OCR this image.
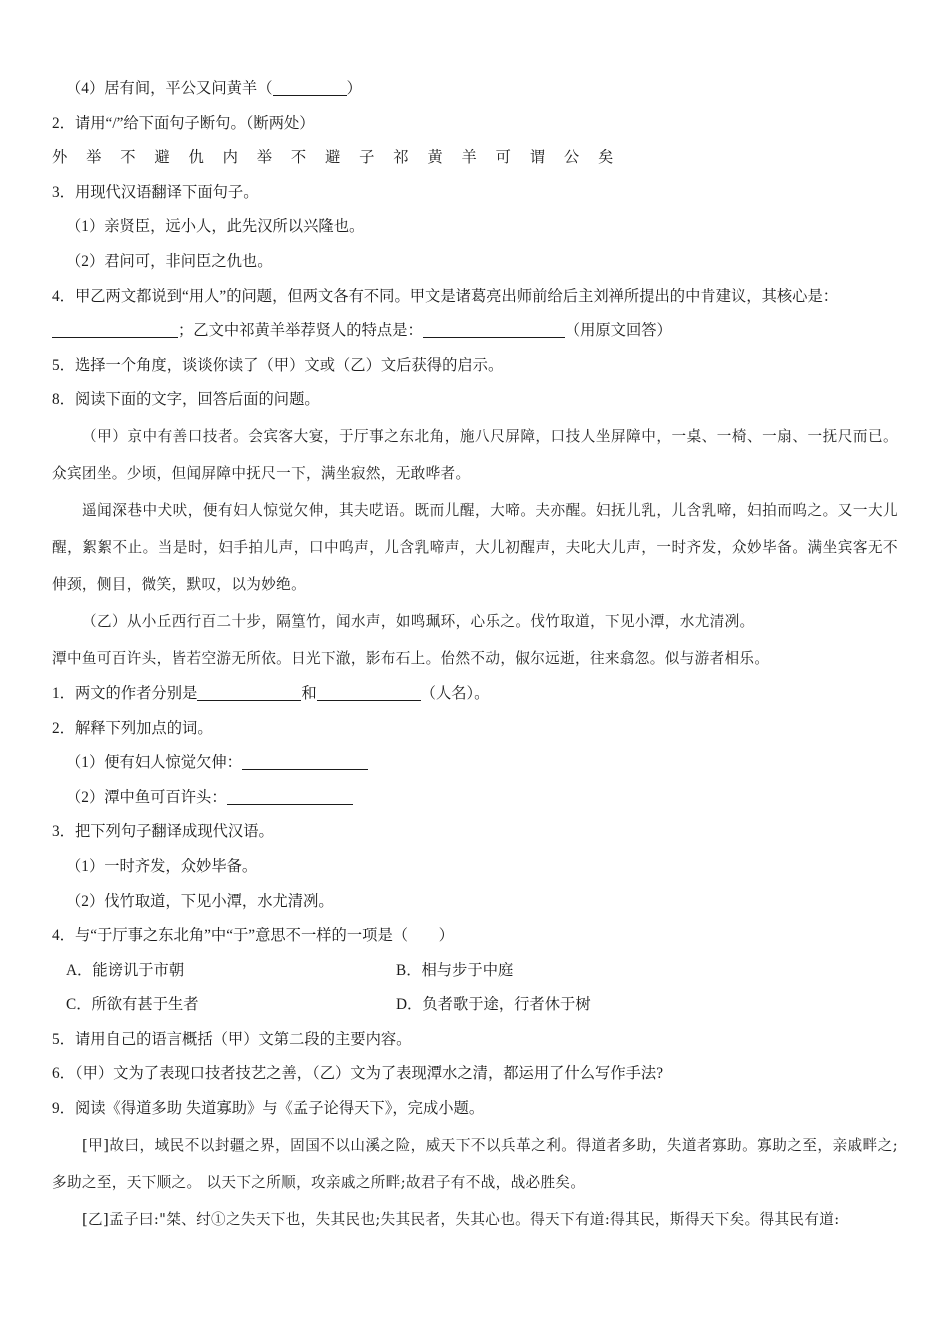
（4）居有间，平公又问黄羊（	）
2．请用“/”给下面句子断句。（断两处）
外 举 不 避 仇 内 举 不 避 子 祁 黄 羊 可 谓 公 矣
3．用现代汉语翻译下面句子。
（1）亲贤臣，远小人，此先汉所以兴隆也。
（2）君问可，非问臣之仇也。
4．甲乙两文都说到“用人”的问题，但两文各有不同。甲文是诸葛亮出师前给后主刘禅所提出的中肯建议，其核心是：
；乙文中祁黄羊举荐贤人的特点是：	（用原文回答）
5．选择一个角度，谈谈你读了（甲）文或（乙）文后获得的启示。
8．阅读下面的文字，回答后面的问题。
（甲）京中有善口技者。会宾客大宴，于厅事之东北角，施八尺屏障，口技人坐屏障中，一桌、一椅、一扇、一抚尺而已。众宾团坐。少顷，但闻屏障中抚尺一下，满坐寂然，无敢哗者。
遥闻深巷中犬吠，便有妇人惊觉欠伸，其夫呓语。既而儿醒，大啼。夫亦醒。妇抚儿乳，儿含乳啼，妇拍而呜之。又一大儿醒，絮絮不止。当是时，妇手拍儿声，口中呜声，儿含乳啼声，大儿初醒声，夫叱大儿声，一时齐发，众妙毕备。满坐宾客无不伸颈，侧目，微笑，默叹，以为妙绝。
（乙）从小丘西行百二十步，隔篁竹，闻水声，如鸣珮环，心乐之。伐竹取道，下见小潭，水尤清冽。
潭中鱼可百许头，皆若空游无所依。日光下澈，影布石上。佁然不动，俶尔远逝，往来翕忽。似与游者相乐。
1．两文的作者分别是	和	（人名）。
2．解释下列加点的词。
（1）便有妇人惊觉欠伸：
（2）潭中鱼可百许头：
3．把下列句子翻译成现代汉语。
（1）一时齐发，众妙毕备。
（2）伐竹取道，下见小潭，水尤清冽。
4．与“于厅事之东北角”中“于”意思不一样的一项是（　　）
A．能谤讥于市朝	B．相与步于中庭
C．所欲有甚于生者	D．负者歌于途，行者休于树
5．请用自己的语言概括（甲）文第二段的主要内容。
6．（甲）文为了表现口技者技艺之善，（乙）文为了表现潭水之清，都运用了什么写作手法?
9．阅读《得道多助 失道寡助》与《孟子论得天下》，完成小题。
[甲]故曰，域民不以封疆之界，固国不以山溪之险，威天下不以兵革之利。得道者多助，失道者寡助。寡助之至，亲戚畔之;多助之至，天下顺之。 以天下之所顺，攻亲戚之所畔;故君子有不战，战必胜矣。
[乙]孟子曰:"桀、纣①之失天下也，失其民也;失其民者，失其心也。得天下有道:得其民，斯得天下矣。得其民有道:
